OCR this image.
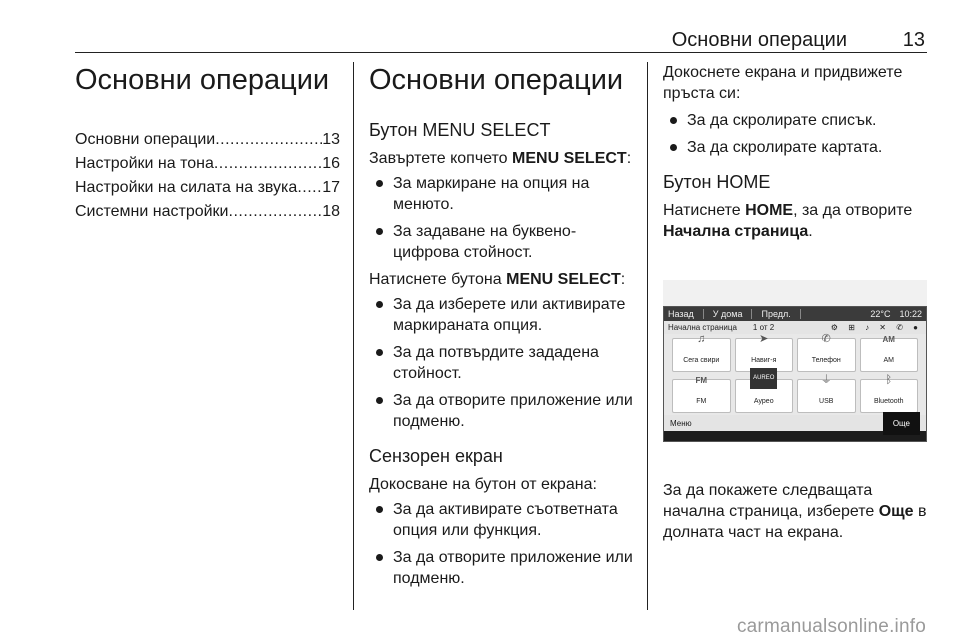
Основни операции	13
Основни операции
Основни операции .....	13
Настройки на тона .....	16
Настройки на силата на звука ..... 17
Системни настройки .....	18
Основни операции
Бутон MENU SELECT

Завъртете копчето MENU SELECT:

За маркиране на опция на менюто.
За задаване на буквено-цифрова стойност.

Натиснете бутона MENU SELECT:

За да изберете или активирате маркираната опция.
За да потвърдите зададена стойност.
За да отворите приложение или подменю.
Сензорен екран

Докосване на бутон от екрана:

За да активирате съответната опция или функция.
За да отворите приложение или подменю.

Докоснете екрана и придвижете пръста си:

За да скролирате списък.
За да скролирате картата.
Бутон HOME

Натиснете HOME, за да отворите Начална страница.

Назад У дома Предл.	22°C 10:22
Начална страница 1 от 2	⚙ ⊞ ♪ ✕ ✆ ●
♫
Сега свири
➤
Навиг-я
✆
Телефон
AM
AM
FM
FM
AUREO
Аурео
⏚
USB
ᛒ
Bluetooth
Меню	Още

За да покажете следващата начална страница, изберете Още в долната част на екрана.

carmanualsonline.info
